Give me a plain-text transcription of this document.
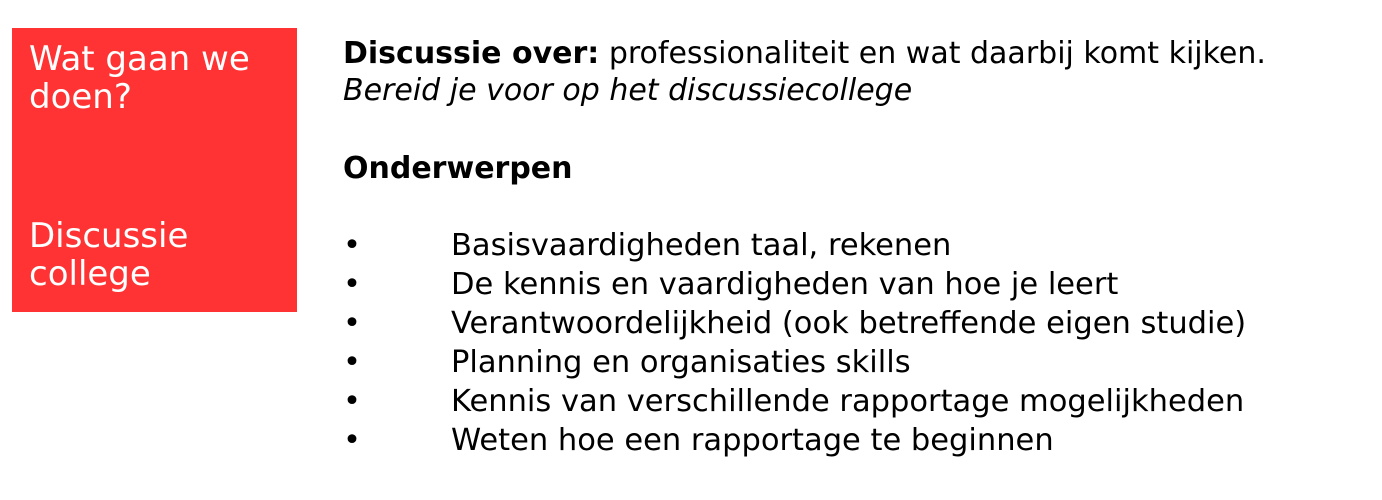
Wat gaan we doen?
Discussie college
Discussie over: professionaliteit en wat daarbij komt kijken.
Bereid je voor op het discussiecollege
Onderwerpen
•	Basisvaardigheden taal, rekenen
•	De kennis en vaardigheden van hoe je leert
•	Verantwoordelijkheid (ook betreffende eigen studie)
•	Planning en organisaties skills
•	Kennis van verschillende rapportage mogelijkheden
•	Weten hoe een rapportage te beginnen
